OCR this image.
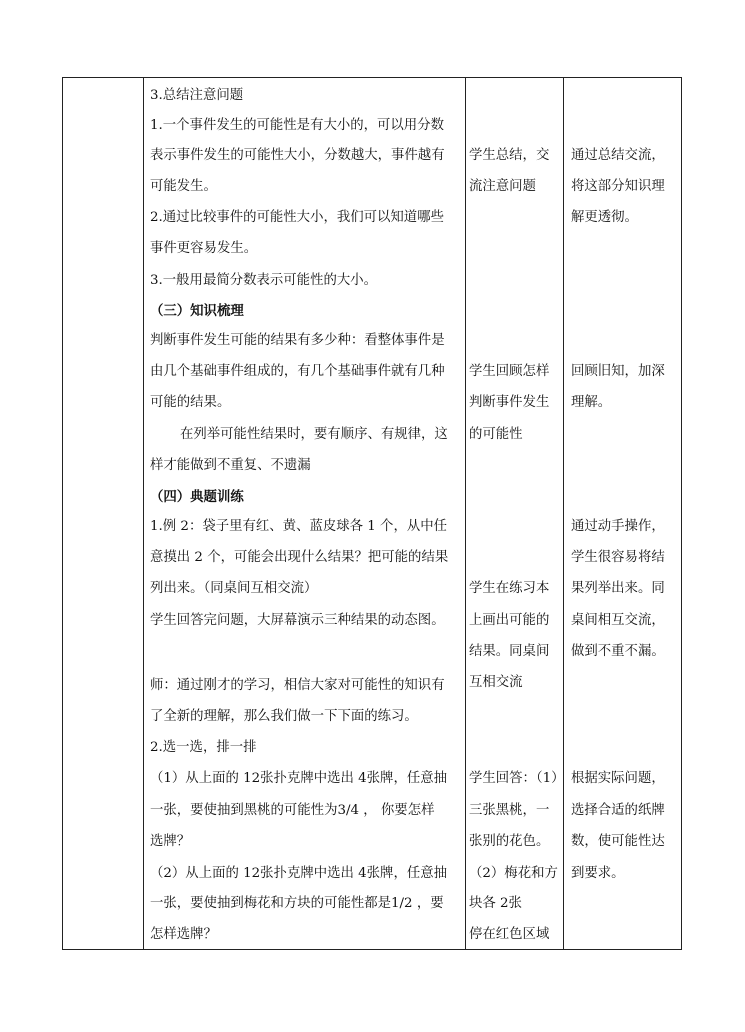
3.总结注意问题
1.一个事件发生的可能性是有大小的，可以用分数
表示事件发生的可能性大小，分数越大，事件越有
可能发生。
2.通过比较事件的可能性大小，我们可以知道哪些
事件更容易发生。
3.一般用最简分数表示可能性的大小。
（三）知识梳理
判断事件发生可能的结果有多少种：看整体事件是
由几个基础事件组成的，有几个基础事件就有几种
可能的结果。
在列举可能性结果时，要有顺序、有规律，这
样才能做到不重复、不遗漏
（四）典题训练
1.例 2：袋子里有红、黄、蓝皮球各 1 个，从中任
意摸出 2 个，可能会出现什么结果？把可能的结果
列出来。（同桌间互相交流）
学生回答完问题，大屏幕演示三种结果的动态图。
师：通过刚才的学习，相信大家对可能性的知识有
了全新的理解，那么我们做一下下面的练习。
2.选一选，排一排
（1）从上面的 12张扑克牌中选出 4张牌，任意抽
一张，要使抽到黑桃的可能性为3/4 ， 你要怎样
选牌？
（2）从上面的 12张扑克牌中选出 4张牌，任意抽
一张，要使抽到梅花和方块的可能性都是1/2 ，要
怎样选牌？
学生总结，交
流注意问题
学生回顾怎样
判断事件发生
的可能性
学生在练习本
上画出可能的
结果。同桌间
互相交流
学生回答：（1）
三张黑桃，一
张别的花色。
（2）梅花和方
块各 2张
停在红色区域
通过总结交流，
将这部分知识理
解更透彻。
回顾旧知，加深
理解。
通过动手操作，
学生很容易将结
果列举出来。同
桌间相互交流，
做到不重不漏。
根据实际问题，
选择合适的纸牌
数，使可能性达
到要求。
